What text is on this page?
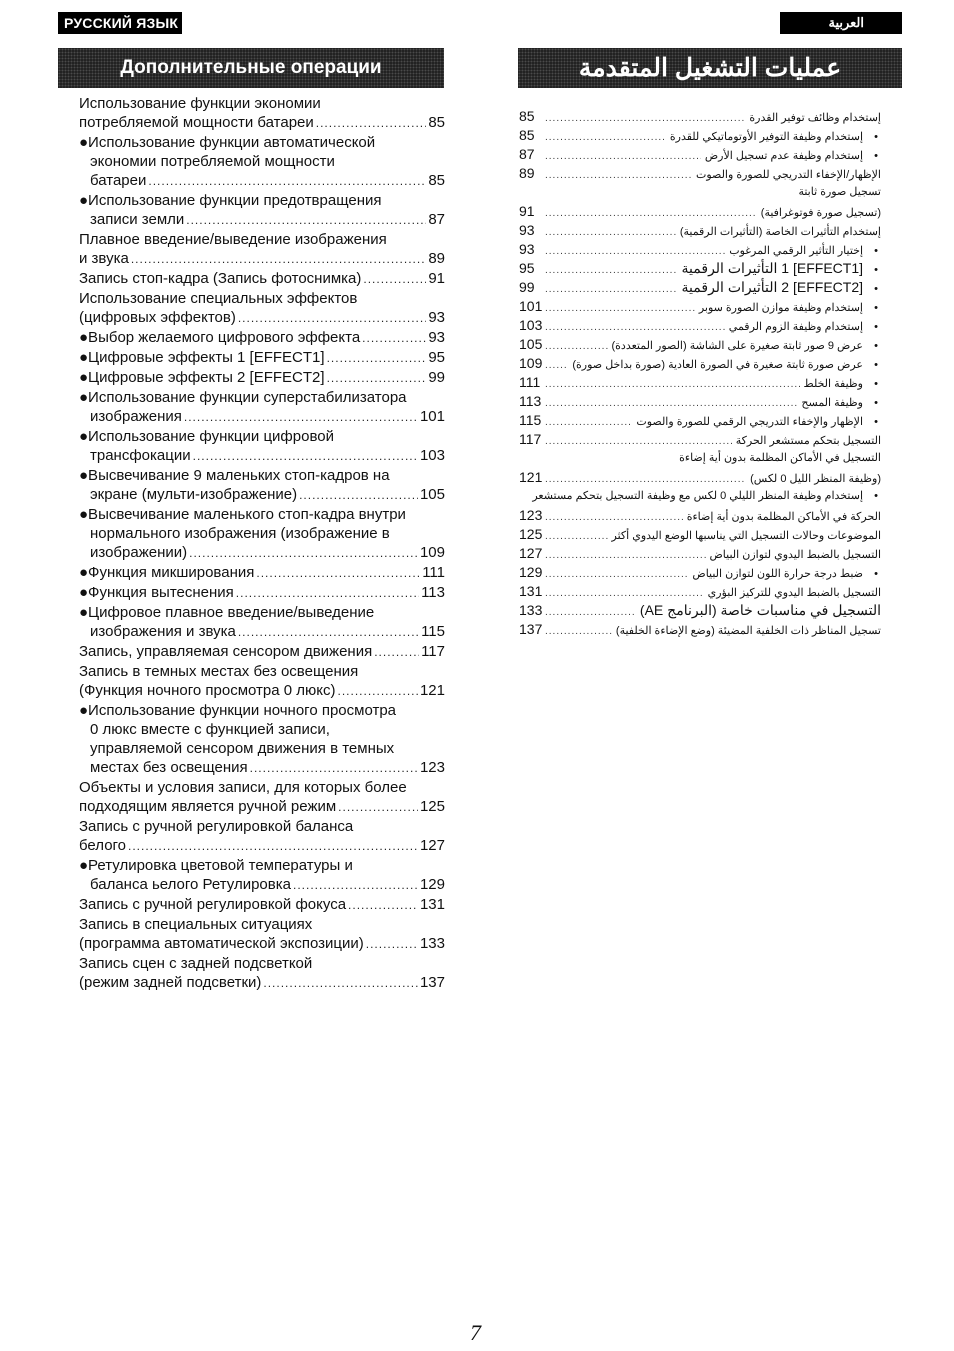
РУССКИЙ ЯЗЫК	العربية
Дополнительные операции	عمليات التشغيل المتقدمة
Использование функции экономии
потребляемой мощности батареи .....	85
●Использование функции автоматической
экономии потребляемой мощности
батареи .....	85
●Использование функции предотвращения
записи земли .....	87
Плавное введение/выведение изображения
и звука .....	89
Запись стоп-кадра (Запись фотоснимка) .....	91
Использование специальных эффектов
(цифровых эффектов) .....	93
●Выбор желаемого цифрового эффекта .....	93
●Цифровые эффекты 1 [EFFECT1] .....	95
●Цифровые эффекты 2 [EFFECT2] .....	99
●Использование функции суперстабилизатора
изображения .....	101
●Использование функции цифровой
трансфокации .....	103
●Высвечивание 9 маленьких стоп-кадров на
экране (мульти-изображение) .....	105
●Высвечивание маленького стоп-кадра внутри
нормального изображения (изображение в
изображении) .....	109
●Функция микширования .....	111
●Функция вытеснения .....	113
●Цифровое плавное введение/выведение
изображения и звука .....	115
Запись, управляемая сенсором движения .....	117
Запись в темных местах без освещения
(Функция ночного просмотра 0 люкс) .....	121
●Использование функции ночного просмотра
0 люкс вместе с функцией записи,
управляемой сенсором движения в темных
местах без освещения .....	123
Объекты и условия записи, для которых более
подходящим является ручной режим .....	125
Запись с ручной регулировкой баланса
белого .....	127
●Ретулировка цветовой температуры и
баланса ьелого Ретулировка .....	129
Запись с ручной регулировкой фокуса .....	131
Запись в специальных ситуациях
(программа автоматической экспозиции) .....	133
Запись сцен с задней подсветкой
(режим задней подсветки) .....	137
85 .....	إستخدام وظائف توفير القدرة
85 .....	إستخدام وظيفة التوفير الأوتوماتيكي للقدرة •
87 .....	إستخدام وظيفة عدم تسجيل الأرض •
89 .....	الإظهار/الإخفاء التدريجي للصورة والصوت
تسجيل صورة ثابتة
91 .....	(تسجيل صورة فوتوغرافية)
93 .....	إستخدام التأثيرات الخاصة (التأثيرات الرقمية)
93 .....	إختيار التأثير الرقمي المرغوب •
95 .....	[EFFECT1] 1 التأثيرات الرقمية •
99 .....	[EFFECT2] 2 التأثيرات الرقمية •
101 .....	إستخدام وظيفة موازن الصورة سوبر •
103 .....	إستخدام وظيفة الزوم الرقمي •
105 .....	عرض 9 صور ثابتة صغيرة على الشاشة (الصور المتعددة) •
109 .....	عرض صورة ثابتة صغيرة في الصورة العادية (صورة بداخل صورة) •
111 .....	وظيفة الخلط •
113 .....	وظيفة المسح •
115 .....	الإظهار والإخفاء التدريجي الرقمي للصورة والصوت •
117 .....	التسجيل بتحكم مستشعر الحركة
التسجيل في الأماكن المظلمة بدون أية إضاءة
121 .....	(وظيفة المنظر الليل 0 لكس)
إستخدام وظيفة المنظر الليلي 0 لكس مع وظيفة التسجيل بتحكم مستشعر •
123 .....	الحركة في الأماكن المظلمة بدون أية إضاءة
125 .....	الموضوعات وحالات التسجيل التي يناسبها الوضع اليدوي أكثر
127 .....	التسجيل بالضبط اليدوي لتوازن البياض
129 .....	ضبط درجة حرارة اللون لتوازن البياض •
131 .....	التسجيل بالضبط اليدوي للتركيز البؤري
133 .....	التسجيل في مناسبات خاصة (البرنامج AE)
137 .....	تسجيل المناظر ذات الخلفية المضيئة (وضع الإضاءة الخلفية)
7
